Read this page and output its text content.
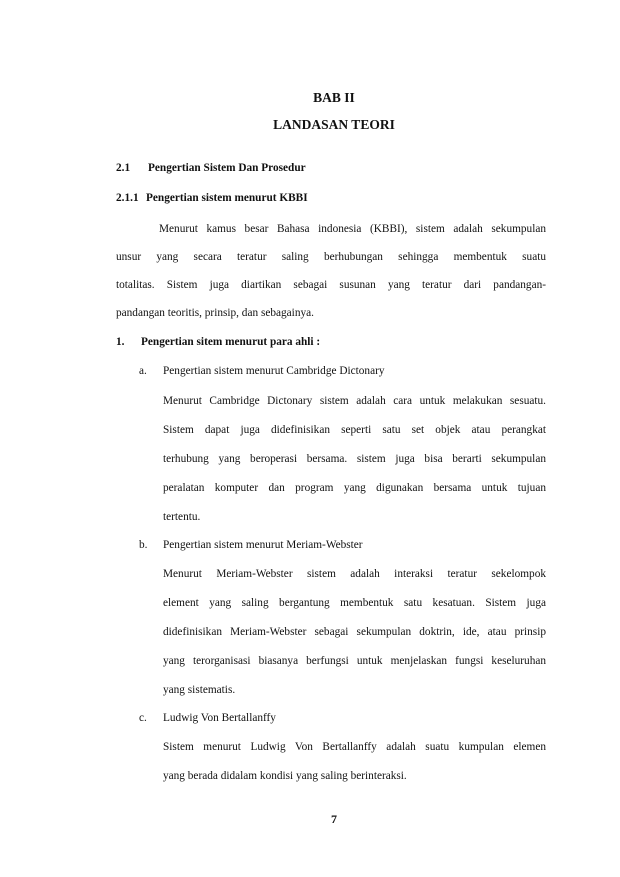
BAB II
LANDASAN TEORI
2.1 Pengertian Sistem Dan Prosedur
2.1.1 Pengertian sistem menurut KBBI
Menurut kamus besar Bahasa indonesia (KBBI), sistem adalah sekumpulan
unsur yang secara teratur saling berhubungan sehingga membentuk suatu
totalitas. Sistem juga diartikan sebagai susunan yang teratur dari pandangan-
pandangan teoritis, prinsip, dan sebagainya.
1. Pengertian sitem menurut para ahli :
a. Pengertian sistem menurut Cambridge Dictonary
Menurut Cambridge Dictonary sistem adalah cara untuk melakukan sesuatu.
Sistem dapat juga didefinisikan seperti satu set objek atau perangkat
terhubung yang beroperasi bersama. sistem juga bisa berarti sekumpulan
peralatan komputer dan program yang digunakan bersama untuk tujuan
tertentu.
b. Pengertian sistem menurut Meriam-Webster
Menurut Meriam-Webster sistem adalah interaksi teratur sekelompok
element yang saling bergantung membentuk satu kesatuan. Sistem juga
didefinisikan Meriam-Webster sebagai sekumpulan doktrin, ide, atau prinsip
yang terorganisasi biasanya berfungsi untuk menjelaskan fungsi keseluruhan
yang sistematis.
c. Ludwig Von Bertallanffy
Sistem menurut Ludwig Von Bertallanffy adalah suatu kumpulan elemen
yang berada didalam kondisi yang saling berinteraksi.
7
